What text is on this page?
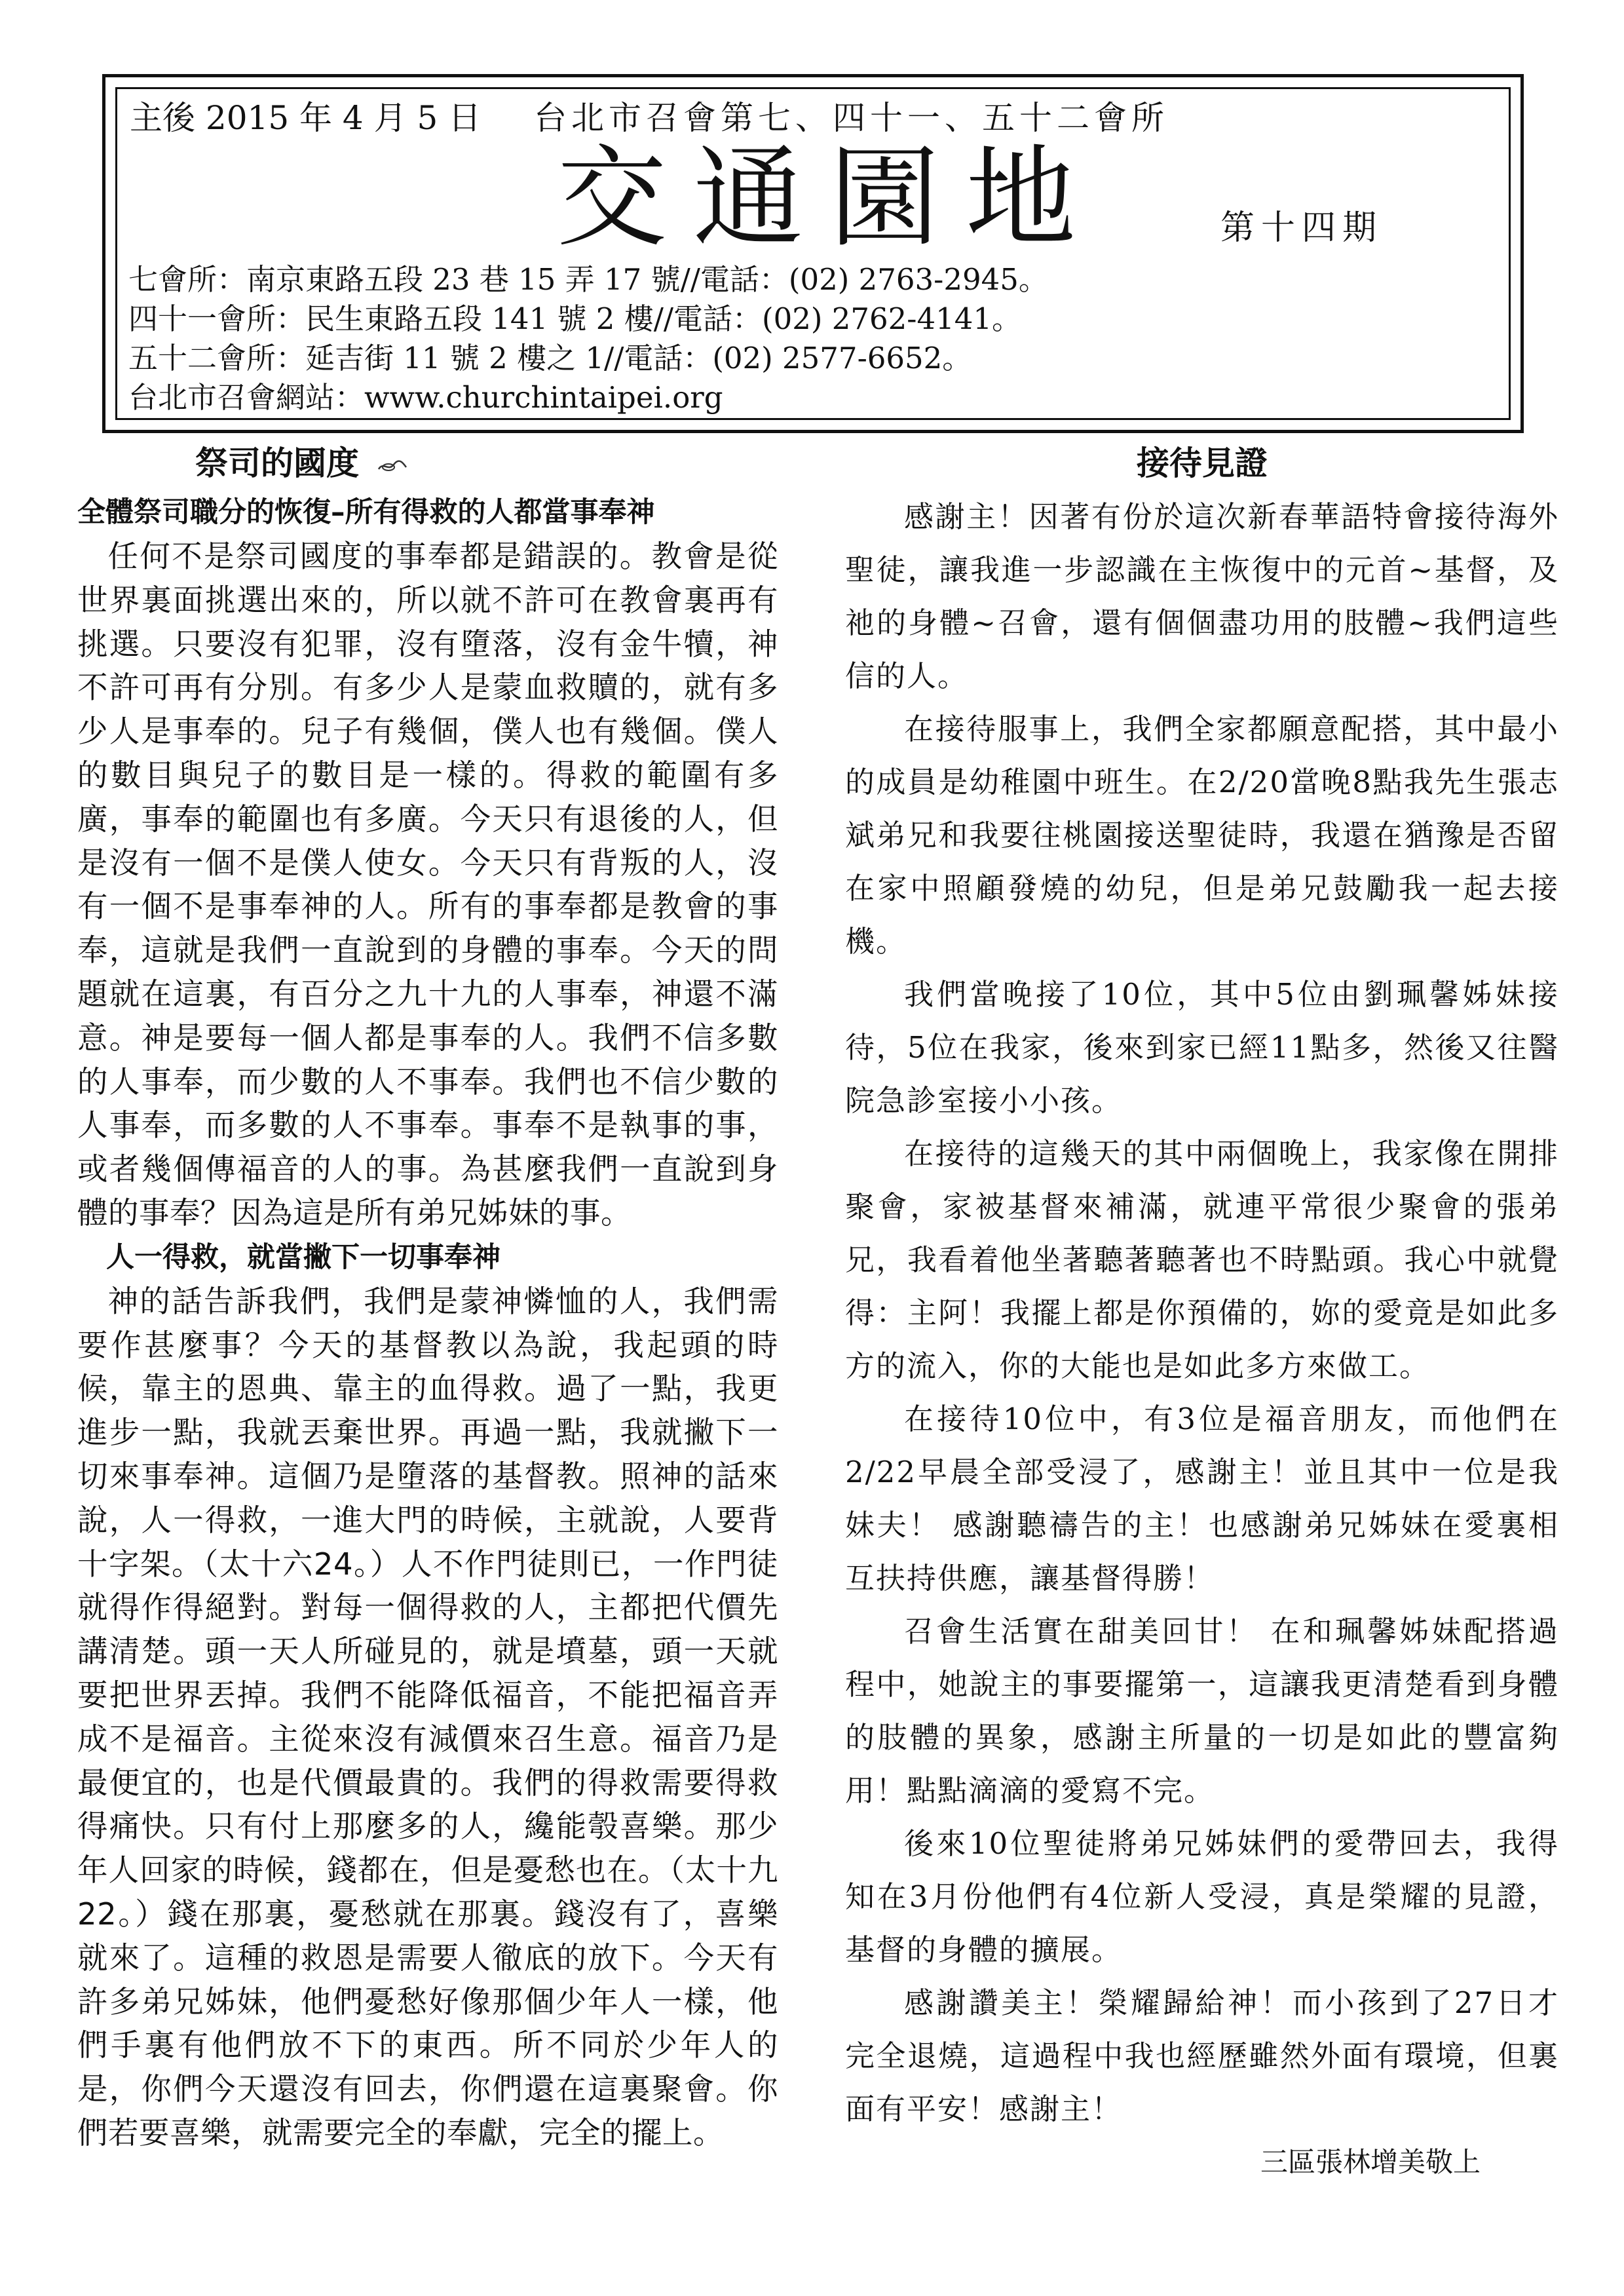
主後 2015 年 4 月 5 日 台北市召會第七、四十一、五十二會所
交通園地	第十四期
七會所：南京東路五段 23 巷 15 弄 17 號//電話：(02) 2763-2945。
四十一會所：民生東路五段 141 號 2 樓//電話：(02) 2762-4141。
五十二會所：延吉街 11 號 2 樓之 1//電話：(02) 2577-6652。
台北市召會網站：www.churchintaipei.org
祭司的國度

全體祭司職分的恢復–所有得救的人都當事奉神

任何不是祭司國度的事奉都是錯誤的。教會是從世界裏面挑選出來的，所以就不許可在教會裏再有挑選。只要沒有犯罪，沒有墮落，沒有金牛犢，神不許可再有分別。有多少人是蒙血救贖的，就有多少人是事奉的。兒子有幾個，僕人也有幾個。僕人的數目與兒子的數目是一樣的。得救的範圍有多廣，事奉的範圍也有多廣。今天只有退後的人，但是沒有一個不是僕人使女。今天只有背叛的人，沒有一個不是事奉神的人。所有的事奉都是教會的事奉，這就是我們一直說到的身體的事奉。今天的問題就在這裏，有百分之九十九的人事奉，神還不滿意。神是要每一個人都是事奉的人。我們不信多數的人事奉，而少數的人不事奉。我們也不信少數的人事奉，而多數的人不事奉。事奉不是執事的事，或者幾個傳福音的人的事。為甚麼我們一直說到身體的事奉？因為這是所有弟兄姊妹的事。

人一得救，就當撇下一切事奉神

神的話告訴我們，我們是蒙神憐恤的人，我們需要作甚麼事？今天的基督教以為說，我起頭的時候，靠主的恩典、靠主的血得救。過了一點，我更進步一點，我就丟棄世界。再過一點，我就撇下一切來事奉神。這個乃是墮落的基督教。照神的話來說，人一得救，一進大門的時候，主就說，人要背十字架。（太十六24。）人不作門徒則已，一作門徒就得作得絕對。對每一個得救的人，主都把代價先講清楚。頭一天人所碰見的，就是墳墓，頭一天就要把世界丟掉。我們不能降低福音，不能把福音弄成不是福音。主從來沒有減價來召生意。福音乃是最便宜的，也是代價最貴的。我們的得救需要得救得痛快。只有付上那麼多的人，纔能彀喜樂。那少年人回家的時候，錢都在，但是憂愁也在。（太十九22。）錢在那裏，憂愁就在那裏。錢沒有了，喜樂就來了。這種的救恩是需要人徹底的放下。今天有許多弟兄姊妹，他們憂愁好像那個少年人一樣，他們手裏有他們放不下的東西。所不同於少年人的是，你們今天還沒有回去，你們還在這裏聚會。你們若要喜樂，就需要完全的奉獻，完全的擺上。

接待見證

感謝主！因著有份於這次新春華語特會接待海外聖徒，讓我進一步認識在主恢復中的元首~基督，及祂的身體~召會，還有個個盡功用的肢體~我們這些信的人。

在接待服事上，我們全家都願意配搭，其中最小的成員是幼稚園中班生。在2/20當晚8點我先生張志斌弟兄和我要往桃園接送聖徒時，我還在猶豫是否留在家中照顧發燒的幼兒，但是弟兄鼓勵我一起去接機。

我們當晚接了10位，其中5位由劉珮馨姊妹接待，5位在我家，後來到家已經11點多，然後又往醫院急診室接小小孩。

在接待的這幾天的其中兩個晚上，我家像在開排聚會，家被基督來補滿，就連平常很少聚會的張弟兄，我看着他坐著聽著聽著也不時點頭。我心中就覺得：主阿！我擺上都是你預備的，妳的愛竟是如此多方的流入，你的大能也是如此多方來做工。

在接待10位中，有3位是福音朋友，而他們在2/22早晨全部受浸了，感謝主！並且其中一位是我妹夫！ 感謝聽禱告的主！也感謝弟兄姊妹在愛裏相互扶持供應，讓基督得勝！

召會生活實在甜美回甘！ 在和珮馨姊妹配搭過程中，她說主的事要擺第一，這讓我更清楚看到身體的肢體的異象，感謝主所量的一切是如此的豐富夠用！點點滴滴的愛寫不完。

後來10位聖徒將弟兄姊妹們的愛帶回去，我得知在3月份他們有4位新人受浸，真是榮耀的見證，基督的身體的擴展。

感謝讚美主！榮耀歸給神！而小孩到了27日才完全退燒，這過程中我也經歷雖然外面有環境，但裏面有平安！感謝主！

三區張林增美敬上
